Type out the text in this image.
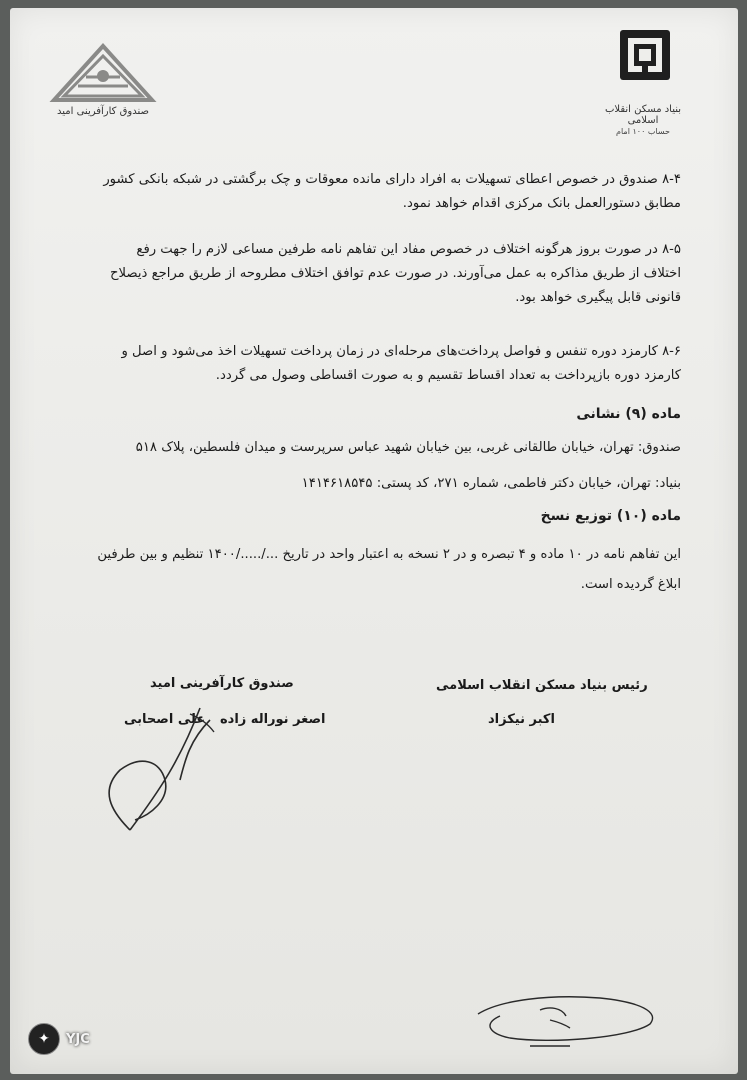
بنیاد مسکن انقلاب اسلامی
حساب ۱۰۰ امام
صندوق کارآفرینی امید
۸-۴ صندوق در خصوص اعطای تسهیلات به افراد دارای مانده معوقات و چک برگشتی در شبکه بانکی کشور
مطابق دستورالعمل بانک مرکزی اقدام خواهد نمود.
۸-۵ در صورت بروز هرگونه اختلاف در خصوص مفاد این تفاهم نامه طرفین مساعی لازم را جهت رفع
اختلاف از طریق مذاکره به عمل می‌آورند. در صورت عدم توافق اختلاف مطروحه از طریق مراجع ذیصلاح
قانونی قابل پیگیری خواهد بود.
۸-۶ کارمزد دوره تنفس و فواصل پرداخت‌های مرحله‌ای در زمان پرداخت تسهیلات اخذ می‌شود و اصل و
کارمزد دوره بازپرداخت به تعداد اقساط تقسیم و به صورت اقساطی وصول می گردد.
ماده (۹) نشانی
صندوق: تهران، خیابان طالقانی غربی، بین خیابان شهید عباس سرپرست و میدان فلسطین، پلاک ۵۱۸
بنیاد: تهران، خیابان دکتر فاطمی، شماره ۲۷۱، کد پستی: ۱۴۱۴۶۱۸۵۴۵
ماده (۱۰) توزیع نسخ
این تفاهم نامه در ۱۰ ماده و ۴ تبصره و در ۲ نسخه به اعتبار واحد در تاریخ .../...../۱۴۰۰ تنظیم و بین طرفین
ابلاغ گردیده است.
صندوق کارآفرینی امید
اصغر نوراله زاده
علی اصحابی
رئیس بنیاد مسکن انقلاب اسلامی
اکبر نیکزاد
✦	YJC
